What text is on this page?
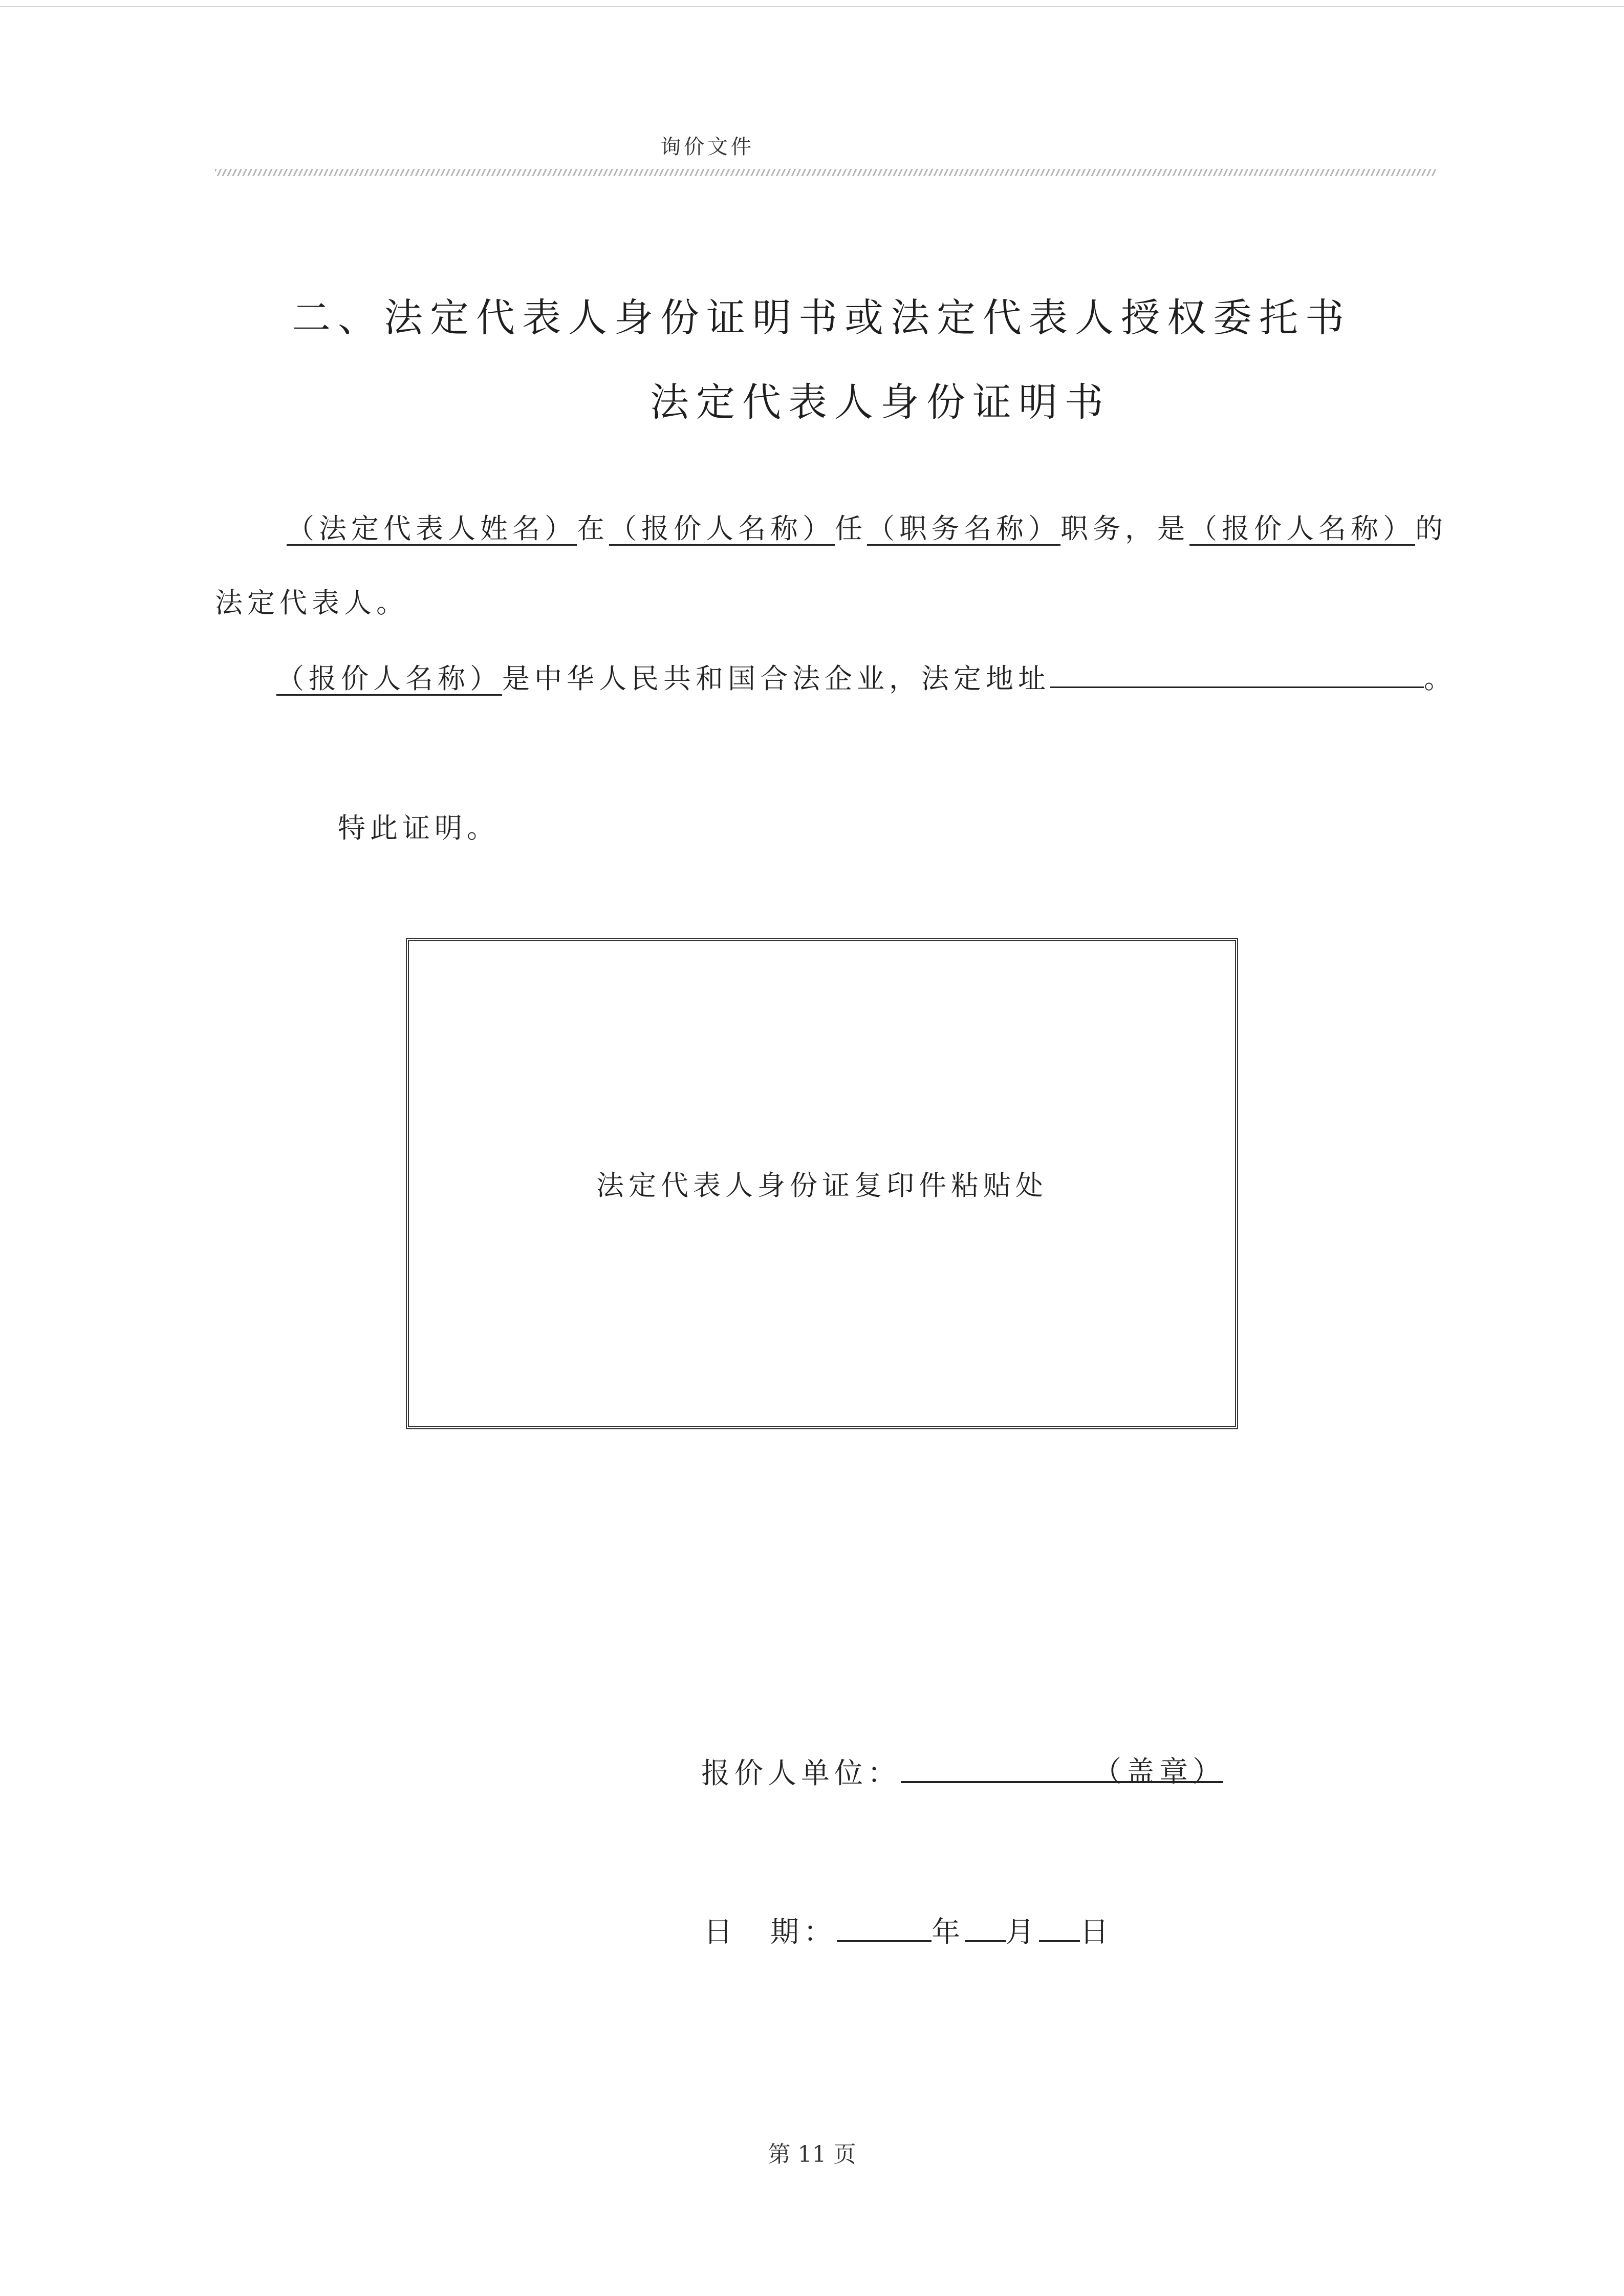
询价文件
二、法定代表人身份证明书或法定代表人授权委托书
法定代表人身份证明书
（法定代表人姓名）在（报价人名称）任（职务名称）职务，是（报价人名称）的
法定代表人。
（报价人名称）是中华人民共和国合法企业，法定地址	。
特此证明。
法定代表人身份证复印件粘贴处
报价人单位：	（盖章）
日　期：	年 月 日
第 11 页
